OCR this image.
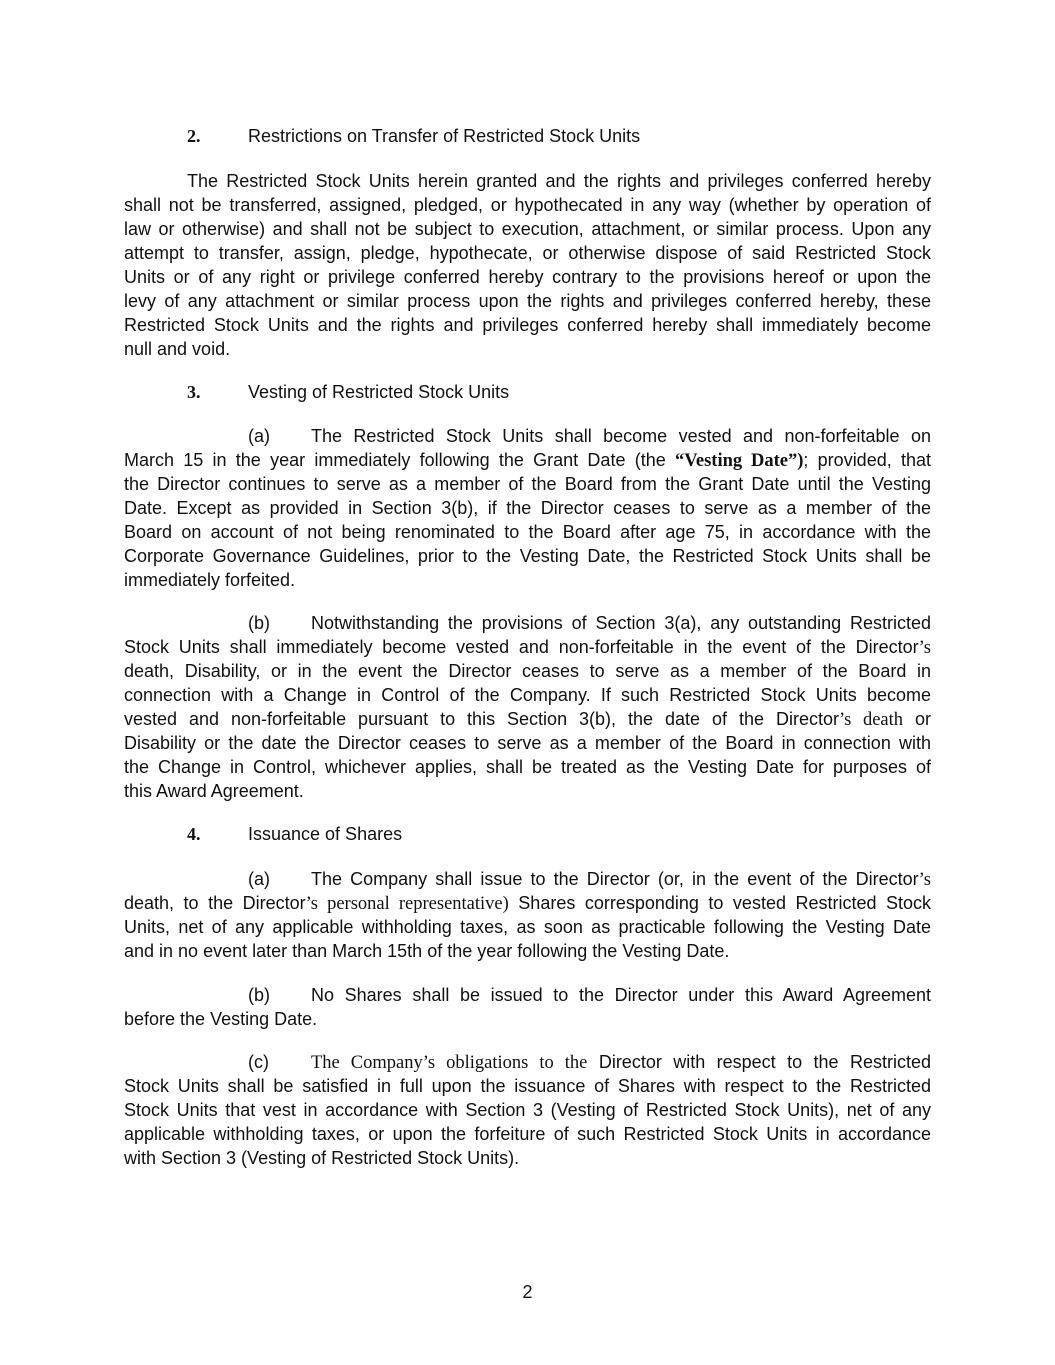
2.	Restrictions on Transfer of Restricted Stock Units
The Restricted Stock Units herein granted and the rights and privileges conferred hereby
shall not be transferred, assigned, pledged, or hypothecated in any way (whether by operation of
law or otherwise) and shall not be subject to execution, attachment, or similar process. Upon any
attempt to transfer, assign, pledge, hypothecate, or otherwise dispose of said Restricted Stock
Units or of any right or privilege conferred hereby contrary to the provisions hereof or upon the
levy of any attachment or similar process upon the rights and privileges conferred hereby, these
Restricted Stock Units and the rights and privileges conferred hereby shall immediately become
null and void.
3.	Vesting of Restricted Stock Units
(a) The Restricted Stock Units shall become vested and non-forfeitable on
March 15 in the year immediately following the Grant Date (the “Vesting Date”); provided, that
the Director continues to serve as a member of the Board from the Grant Date until the Vesting
Date. Except as provided in Section 3(b), if the Director ceases to serve as a member of the
Board on account of not being renominated to the Board after age 75, in accordance with the
Corporate Governance Guidelines, prior to the Vesting Date, the Restricted Stock Units shall be
immediately forfeited.
(b) Notwithstanding the provisions of Section 3(a), any outstanding Restricted
Stock Units shall immediately become vested and non-forfeitable in the event of the Director’s
death, Disability, or in the event the Director ceases to serve as a member of the Board in
connection with a Change in Control of the Company. If such Restricted Stock Units become
vested and non-forfeitable pursuant to this Section 3(b), the date of the Director’s death or
Disability or the date the Director ceases to serve as a member of the Board in connection with
the Change in Control, whichever applies, shall be treated as the Vesting Date for purposes of
this Award Agreement.
4.	Issuance of Shares
(a) The Company shall issue to the Director (or, in the event of the Director’s
death, to the Director’s personal representative) Shares corresponding to vested Restricted Stock
Units, net of any applicable withholding taxes, as soon as practicable following the Vesting Date
and in no event later than March 15th of the year following the Vesting Date.
(b) No Shares shall be issued to the Director under this Award Agreement
before the Vesting Date.
(c) The Company’s obligations to the Director with respect to the Restricted
Stock Units shall be satisfied in full upon the issuance of Shares with respect to the Restricted
Stock Units that vest in accordance with Section 3 (Vesting of Restricted Stock Units), net of any
applicable withholding taxes, or upon the forfeiture of such Restricted Stock Units in accordance
with Section 3 (Vesting of Restricted Stock Units).
2
